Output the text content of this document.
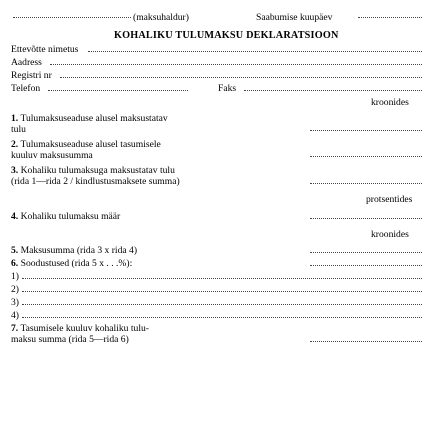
(maksuhaldur)	Saabumise kuupäev
KOHALIKU TULUMAKSU DEKLARATSIOON
Ettevõtte nimetus
Aadress
Registri nr
Telefon	Faks
kroonides
1. Tulumaksuseaduse alusel maksustatav
tulu
2. Tulumaksuseaduse alusel tasumisele
kuuluv maksusumma
3. Kohaliku tulumaksuga maksustatav tulu
(rida 1—rida 2 / kindlustusmaksete summa)
protsentides
4. Kohaliku tulumaksu määr
kroonides
5. Maksusumma (rida 3 x rida 4)
6. Soodustused (rida 5 x . . .%):
1)
2)
3)
4)
7. Tasumisele kuuluv kohaliku tulu-
maksu summa (rida 5—rida 6)
